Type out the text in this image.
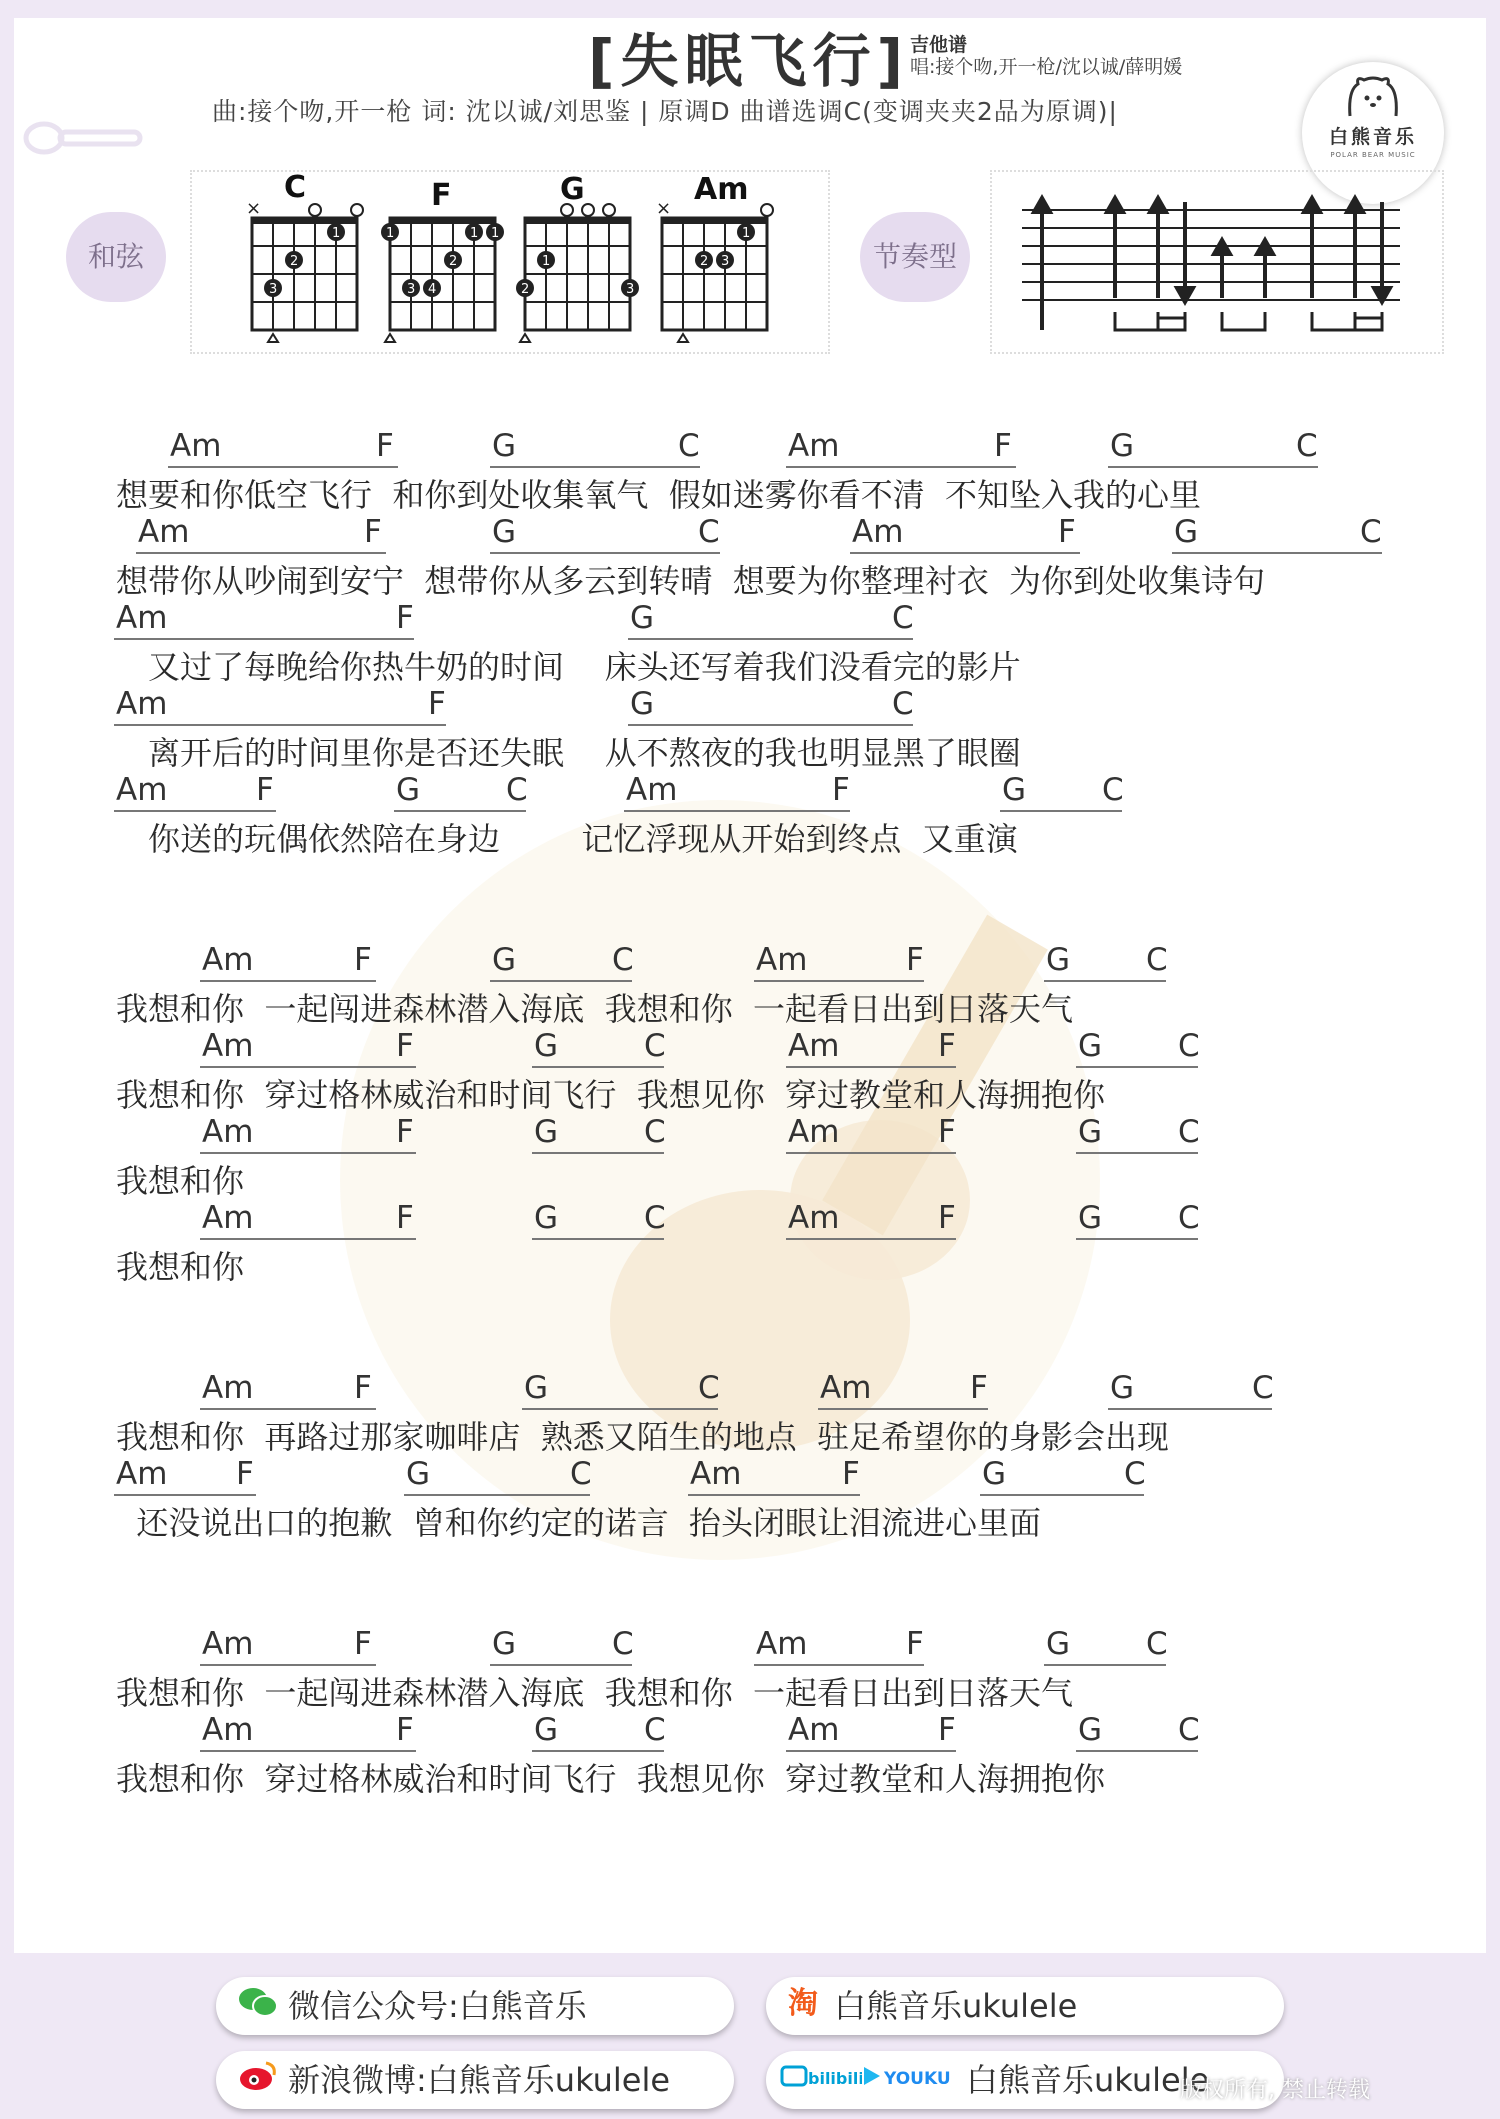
[失眠飞行] 吉他谱
唱:接个吻,开一枪/沈以诚/薛明媛
曲:接个吻,开一枪 词: 沈以诚/刘思鉴 | 原调D 曲谱选调C(变调夹夹2品为原调)|
白熊音乐
POLAR BEAR MUSIC
和弦
×
1
2
3
1	1 1
2
3 4
1
2	3
×
1
2 3
C	F	G	Am
节奏型
Am	F	G	C	Am	F	G	C
想要和你低空飞行  和你到处收集氧气  假如迷雾你看不清  不知坠入我的心里
Am	F	G	C	Am	F	G	C
想带你从吵闹到安宁  想带你从多云到转晴  想要为你整理衬衣  为你到处收集诗句
Am	F	G	C
又过了每晚给你热牛奶的时间    床头还写着我们没看完的影片
Am	F	G	C
离开后的时间里你是否还失眠    从不熬夜的我也明显黑了眼圈
Am	F	G	C	Am	F	G C
你送的玩偶依然陪在身边        记忆浮现从开始到终点  又重演
Am	F	G	C	Am	F	G C
我想和你  一起闯进森林潜入海底  我想和你  一起看日出到日落天气
Am	F	G	C	Am	F	G C
我想和你  穿过格林威治和时间飞行  我想见你  穿过教堂和人海拥抱你
Am	F	G	C	Am	F	G C
我想和你
Am	F	G	C	Am	F	G C
我想和你
Am	F	G	C	Am	F	G	C
我想和你  再路过那家咖啡店  熟悉又陌生的地点  驻足希望你的身影会出现
Am F	G	C	Am	F	G	C
还没说出口的抱歉  曾和你约定的诺言  抬头闭眼让泪流进心里面
Am	F	G	C	Am	F	G C
我想和你  一起闯进森林潜入海底  我想和你  一起看日出到日落天气
Am	F	G	C	Am	F	G C
我想和你  穿过格林威治和时间飞行  我想见你  穿过教堂和人海拥抱你
微信公众号:白熊音乐	淘 白熊音乐ukulele
新浪微博:白熊音乐ukulele	bilibili YOUKU 白熊音乐ukulele
版权所有, 禁止转载
